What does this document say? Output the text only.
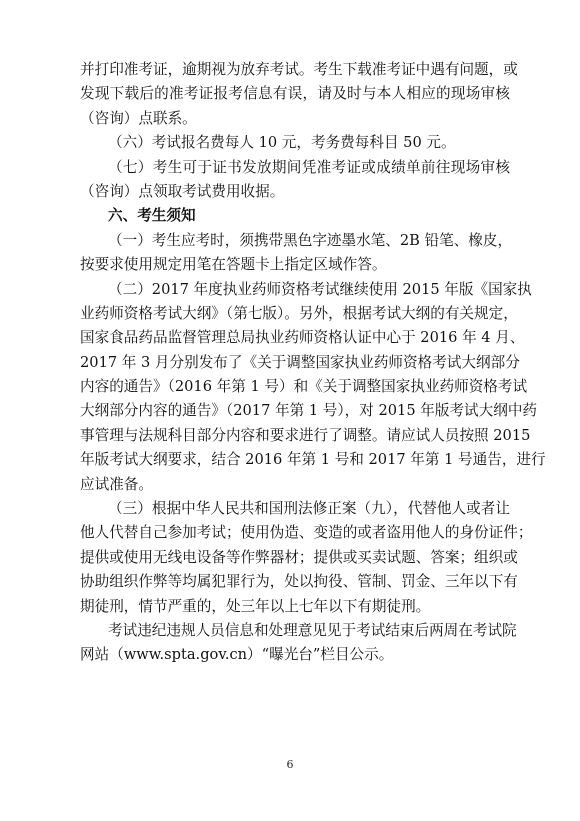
并打印准考证，逾期视为放弃考试。考生下载准考证中遇有问题，或
发现下载后的准考证报考信息有误，请及时与本人相应的现场审核
（咨询）点联系。
（六）考试报名费每人 10 元，考务费每科目 50 元。
（七）考生可于证书发放期间凭准考证或成绩单前往现场审核
（咨询）点领取考试费用收据。
六、考生须知
（一）考生应考时，须携带黑色字迹墨水笔、2B 铅笔、橡皮，
按要求使用规定用笔在答题卡上指定区域作答。
（二）2017 年度执业药师资格考试继续使用 2015 年版《国家执
业药师资格考试大纲》（第七版）。另外，根据考试大纲的有关规定，
国家食品药品监督管理总局执业药师资格认证中心于 2016 年 4 月、
2017 年 3 月分别发布了《关于调整国家执业药师资格考试大纲部分
内容的通告》（2016 年第 1 号）和《关于调整国家执业药师资格考试
大纲部分内容的通告》（2017 年第 1 号），对 2015 年版考试大纲中药
事管理与法规科目部分内容和要求进行了调整。请应试人员按照 2015
年版考试大纲要求，结合 2016 年第 1 号和 2017 年第 1 号通告，进行
应试准备。
（三）根据中华人民共和国刑法修正案（九），代替他人或者让
他人代替自己参加考试；使用伪造、变造的或者盗用他人的身份证件；
提供或使用无线电设备等作弊器材；提供或买卖试题、答案；组织或
协助组织作弊等均属犯罪行为，处以拘役、管制、罚金、三年以下有
期徒刑，情节严重的，处三年以上七年以下有期徒刑。
考试违纪违规人员信息和处理意见见于考试结束后两周在考试院
网站（www.spta.gov.cn）“曝光台”栏目公示。
6
